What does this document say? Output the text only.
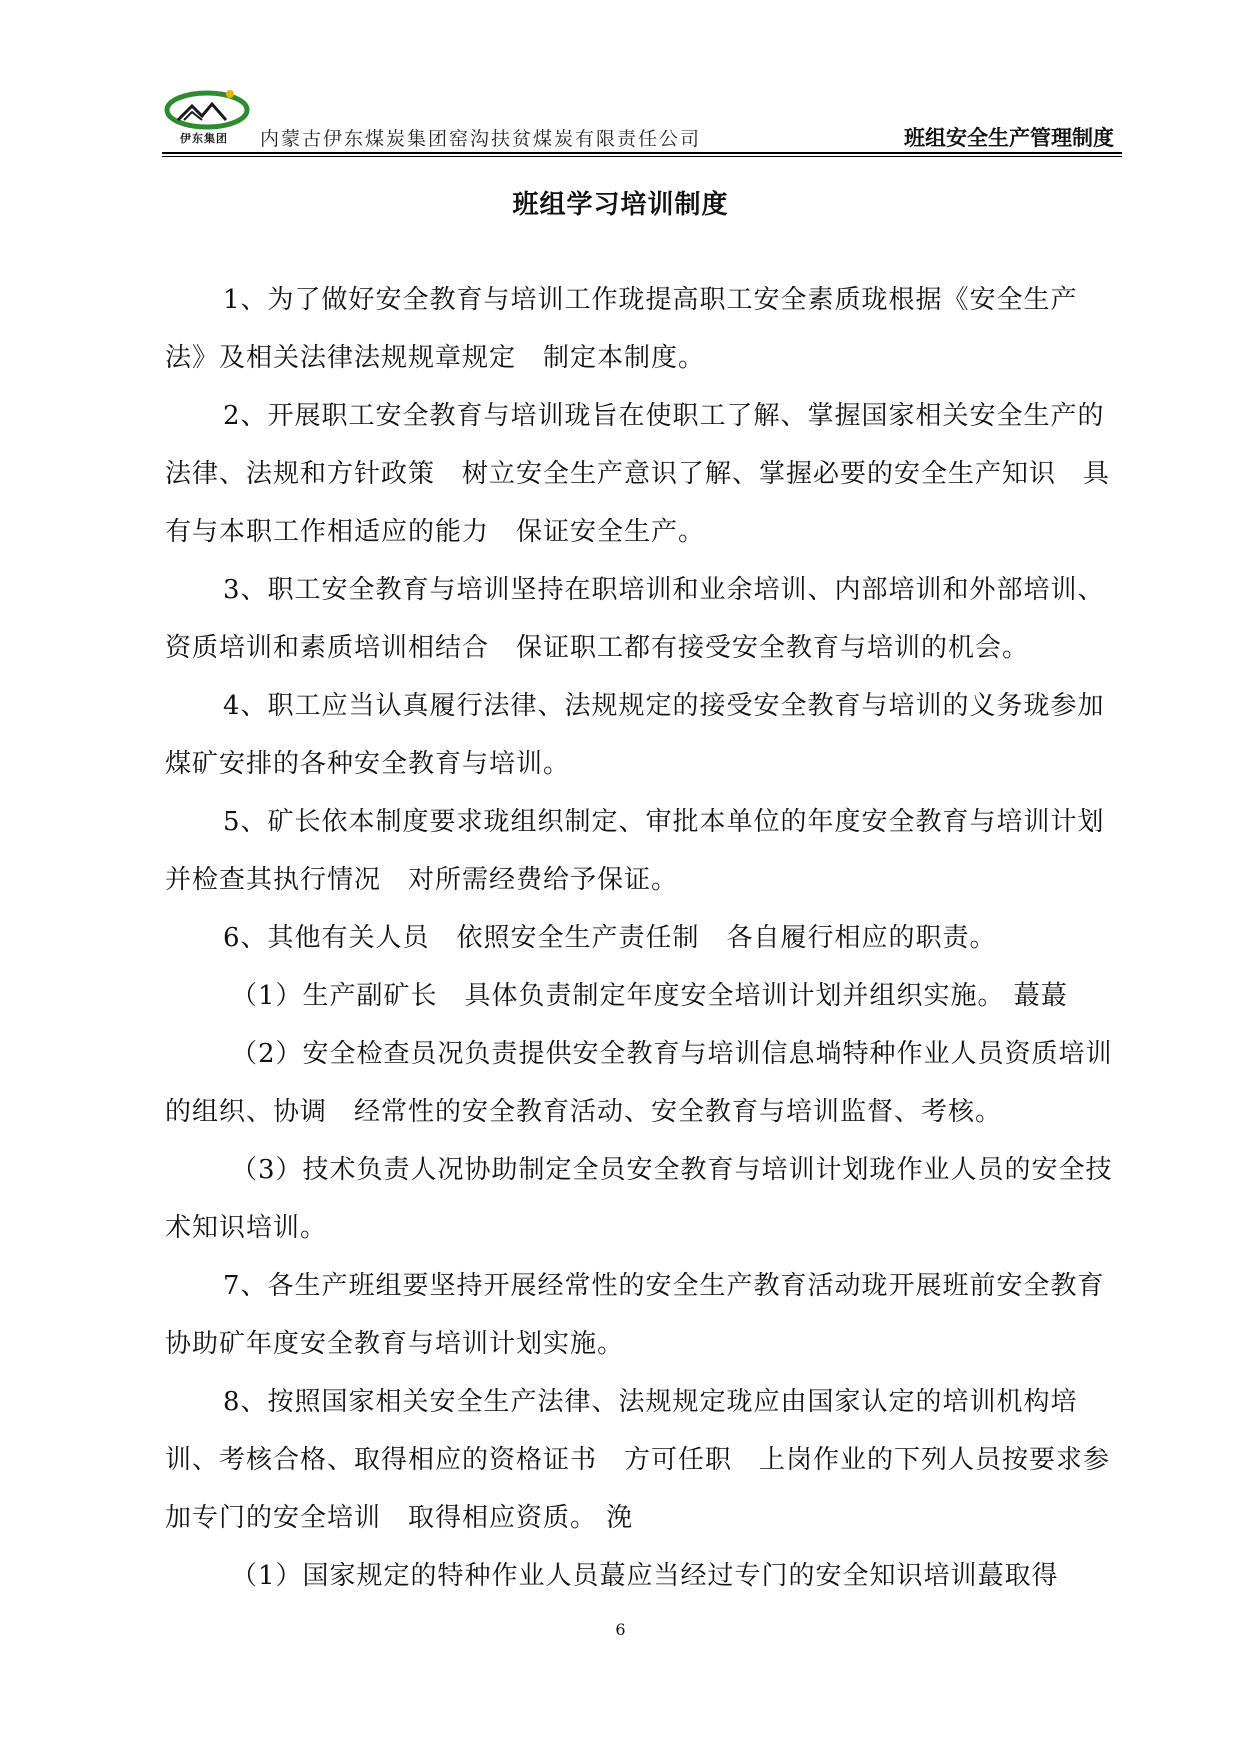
伊东集团 内蒙古伊东煤炭集团窑沟扶贫煤炭有限责任公司	班组安全生产管理制度
班组学习培训制度

1、为了做好安全教育与培训工作珑提高职工安全素质珑根据《安全生产法》及相关法律法规规章规定　制定本制度。

2、开展职工安全教育与培训珑旨在使职工了解、掌握国家相关安全生产的法律、法规和方针政策　树立安全生产意识了解、掌握必要的安全生产知识　具有与本职工作相适应的能力　保证安全生产。

3、职工安全教育与培训坚持在职培训和业余培训、内部培训和外部培训、资质培训和素质培训相结合　保证职工都有接受安全教育与培训的机会。

4、职工应当认真履行法律、法规规定的接受安全教育与培训的义务珑参加煤矿安排的各种安全教育与培训。

5、矿长依本制度要求珑组织制定、审批本单位的年度安全教育与培训计划　并检查其执行情况　对所需经费给予保证。

6、其他有关人员　依照安全生产责任制　各自履行相应的职责。

（1）生产副矿长　具体负责制定年度安全培训计划并组织实施。 蕞蕞

（2）安全检查员况负责提供安全教育与培训信息埫特种作业人员资质培训的组织、协调　经常性的安全教育活动、安全教育与培训监督、考核。

（3）技术负责人况协助制定全员安全教育与培训计划珑作业人员的安全技术知识培训。

7、各生产班组要坚持开展经常性的安全生产教育活动珑开展班前安全教育　协助矿年度安全教育与培训计划实施。

8、按照国家相关安全生产法律、法规规定珑应由国家认定的培训机构培训、考核合格、取得相应的资格证书　方可任职　上岗作业的下列人员按要求参加专门的安全培训　取得相应资质。 浼

（1）国家规定的特种作业人员蕞应当经过专门的安全知识培训蕞取得

6
